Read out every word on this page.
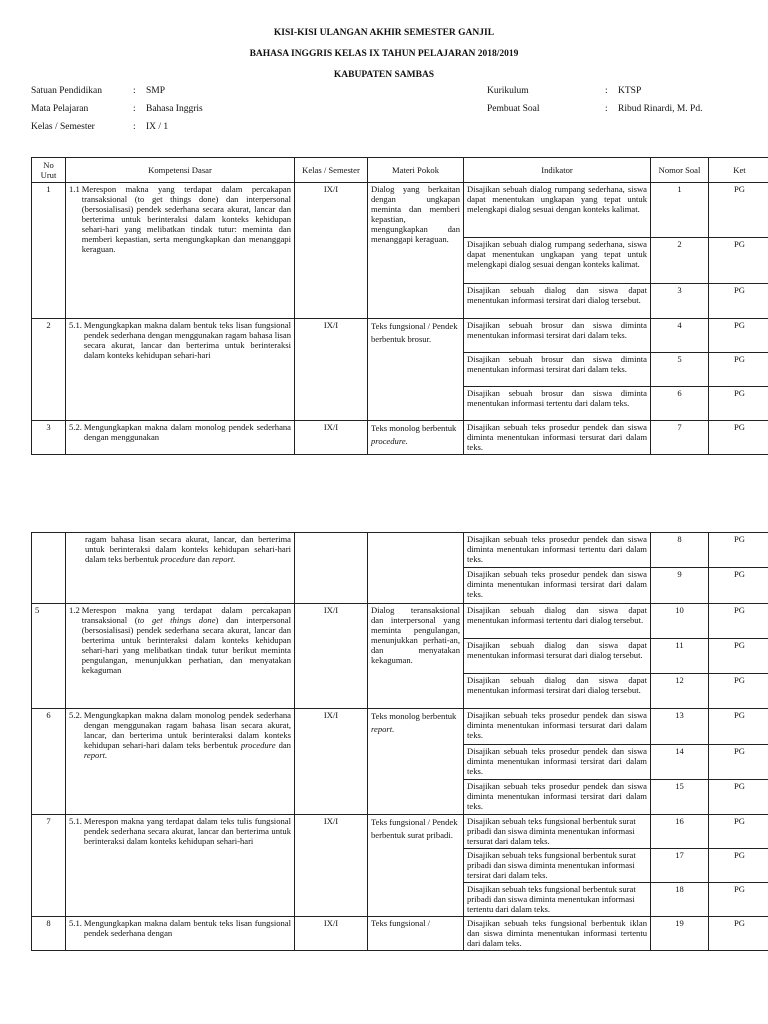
KISI-KISI ULANGAN AKHIR SEMESTER GANJIL
BAHASA INGGRIS KELAS IX TAHUN PELAJARAN 2018/2019
KABUPATEN SAMBAS
Satuan Pendidikan	: SMP
Mata Pelajaran	: Bahasa Inggris
Kelas / Semester	: IX / 1
Kurikulum	: KTSP
Pembuat Soal	: Ribud Rinardi, M. Pd.
No Urut	Kompetensi Dasar	Kelas / Semester	Materi Pokok	Indikator	Nomor Soal	Ket
1	1.1 Merespon makna yang terdapat dalam percakapan transaksional (to get things done) dan interpersonal (bersosialisasi) pendek sederhana secara akurat, lancar dan berterima untuk berinteraksi dalam konteks kehidupan sehari-hari yang melibatkan tindak tutur: meminta dan memberi kepastian, serta mengungkapkan dan menanggapi keraguan.	IX/I	Dialog yang berkaitan dengan ungkapan meminta dan memberi kepastian, mengungkapkan dan menanggapi keraguan.	Disajikan sebuah dialog rumpang sederhana, siswa dapat menentukan ungkapan yang tepat untuk melengkapi dialog sesuai dengan konteks kalimat.	1	PG
				Disajikan sebuah dialog rumpang sederhana, siswa dapat menentukan ungkapan yang tepat untuk melengkapi dialog sesuai dengan konteks kalimat.	2	PG
				Disajikan sebuah dialog dan siswa dapat menentukan informasi tersirat dari dialog tersebut.	3	PG
2	5.1. Mengungkapkan makna dalam bentuk teks lisan fungsional pendek sederhana dengan menggunakan ragam bahasa lisan secara akurat, lancar dan berterima untuk berinteraksi dalam konteks kehidupan sehari-hari	IX/I	Teks fungsional / Pendek berbentuk brosur.	Disajikan sebuah brosur dan siswa diminta menentukan informasi tersirat dari dalam teks.	4	PG
				Disajikan sebuah brosur dan siswa diminta menentukan informasi tersirat dari dalam teks.	5	PG
				Disajikan sebuah brosur dan siswa diminta menentukan informasi tertentu dari dalam teks.	6	PG
3	5.2. Mengungkapkan makna dalam monolog pendek sederhana dengan menggunakan	IX/I	Teks monolog berbentuk procedure.	Disajikan sebuah teks prosedur pendek dan siswa diminta menentukan informasi tersurat dari dalam teks.	7	PG

	ragam bahasa lisan secara akurat, lancar, dan berterima untuk berinteraksi dalam konteks kehidupan sehari-hari dalam teks berbentuk procedure dan report.			Disajikan sebuah teks prosedur pendek dan siswa diminta menentukan informasi tertentu dari dalam teks.	8	PG
				Disajikan sebuah teks prosedur pendek dan siswa diminta menentukan informasi tersirat dari dalam teks.	9	PG
5	1.2 Merespon makna yang terdapat dalam percakapan transaksional (to get things done) dan interpersonal (bersosialisasi) pendek sederhana secara akurat, lancar dan berterima untuk berinteraksi dalam konteks kehidupan sehari-hari yang melibatkan tindak tutur berikut meminta pengulangan, menunjukkan perhatian, dan menyatakan kekaguman	IX/I	Dialog teransaksional dan interpersonal yang meminta pengulangan, menunjukkan perhati-an, dan menyatakan kekaguman.	Disajikan sebuah dialog dan siswa dapat menentukan informasi tertentu dari dialog tersebut.	10	PG
				Disajikan sebuah dialog dan siswa dapat menentukan informasi tersurat dari dialog tersebut.	11	PG
				Disajikan sebuah dialog dan siswa dapat menentukan informasi tersirat dari dialog tersebut.	12	PG
6	5.2. Mengungkapkan makna dalam monolog pendek sederhana dengan menggunakan ragam bahasa lisan secara akurat, lancar, dan berterima untuk berinteraksi dalam konteks kehidupan sehari-hari dalam teks berbentuk procedure dan report.	IX/I	Teks monolog berbentuk report.	Disajikan sebuah teks prosedur pendek dan siswa diminta menentukan informasi tersurat dari dalam teks.	13	PG
				Disajikan sebuah teks prosedur pendek dan siswa diminta menentukan informasi tersirat dari dalam teks.	14	PG
				Disajikan sebuah teks prosedur pendek dan siswa diminta menentukan informasi tersirat dari dalam teks.	15	PG
7	5.1. Merespon makna yang terdapat dalam teks tulis fungsional pendek sederhana secara akurat, lancar dan berterima untuk berinteraksi dalam konteks kehidupan sehari-hari	IX/I	Teks fungsional / Pendek berbentuk surat pribadi.	Disajikan sebuah teks fungsional berbentuk surat pribadi dan siswa diminta menentukan informasi tersurat dari dalam teks.	16	PG
				Disajikan sebuah teks fungsional berbentuk surat pribadi dan siswa diminta menentukan informasi tersirat dari dalam teks.	17	PG
				Disajikan sebuah teks fungsional berbentuk surat pribadi dan siswa diminta menentukan informasi tertentu dari dalam teks.	18	PG
8	5.1. Mengungkapkan makna dalam bentuk teks lisan fungsional pendek sederhana dengan	IX/I	Teks fungsional /	Disajikan sebuah teks fungsional berbentuk iklan dan siswa diminta menentukan informasi tertentu dari dalam teks.	19	PG
